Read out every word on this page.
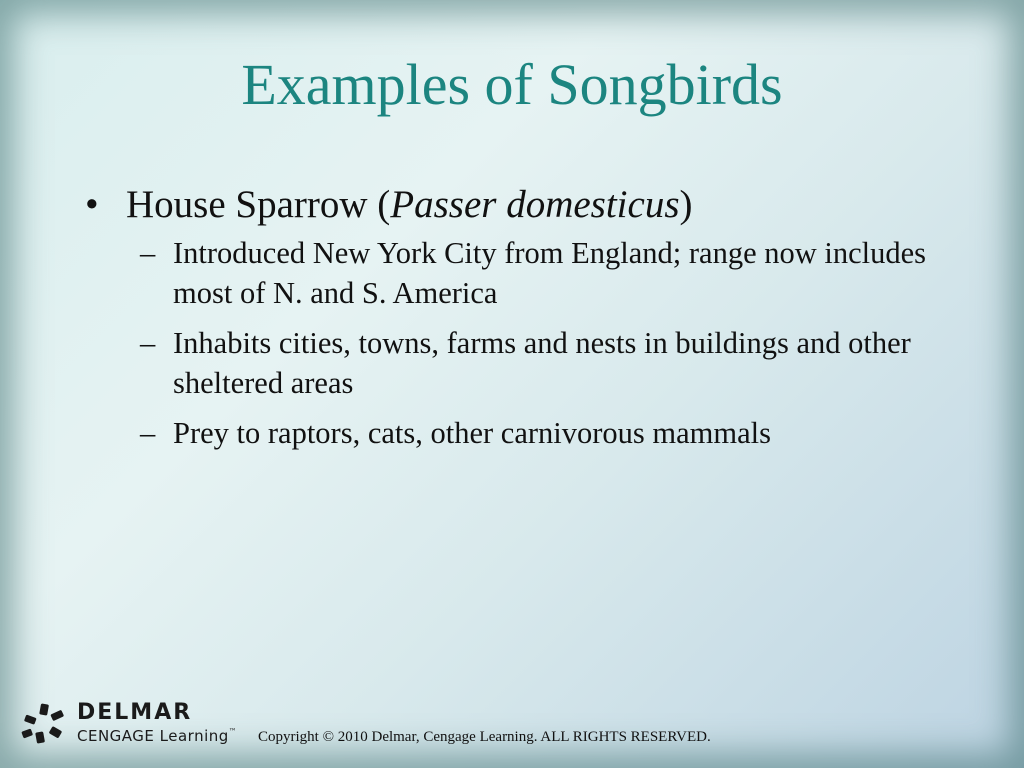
Examples of Songbirds
• House Sparrow (Passer domesticus)
– Introduced New York City from England; range now includes most of N. and S. America
– Inhabits cities, towns, farms and nests in buildings and other sheltered areas
– Prey to raptors, cats, other carnivorous mammals
DELMAR
CENGAGE Learning™ Copyright © 2010 Delmar, Cengage Learning. ALL RIGHTS RESERVED.
